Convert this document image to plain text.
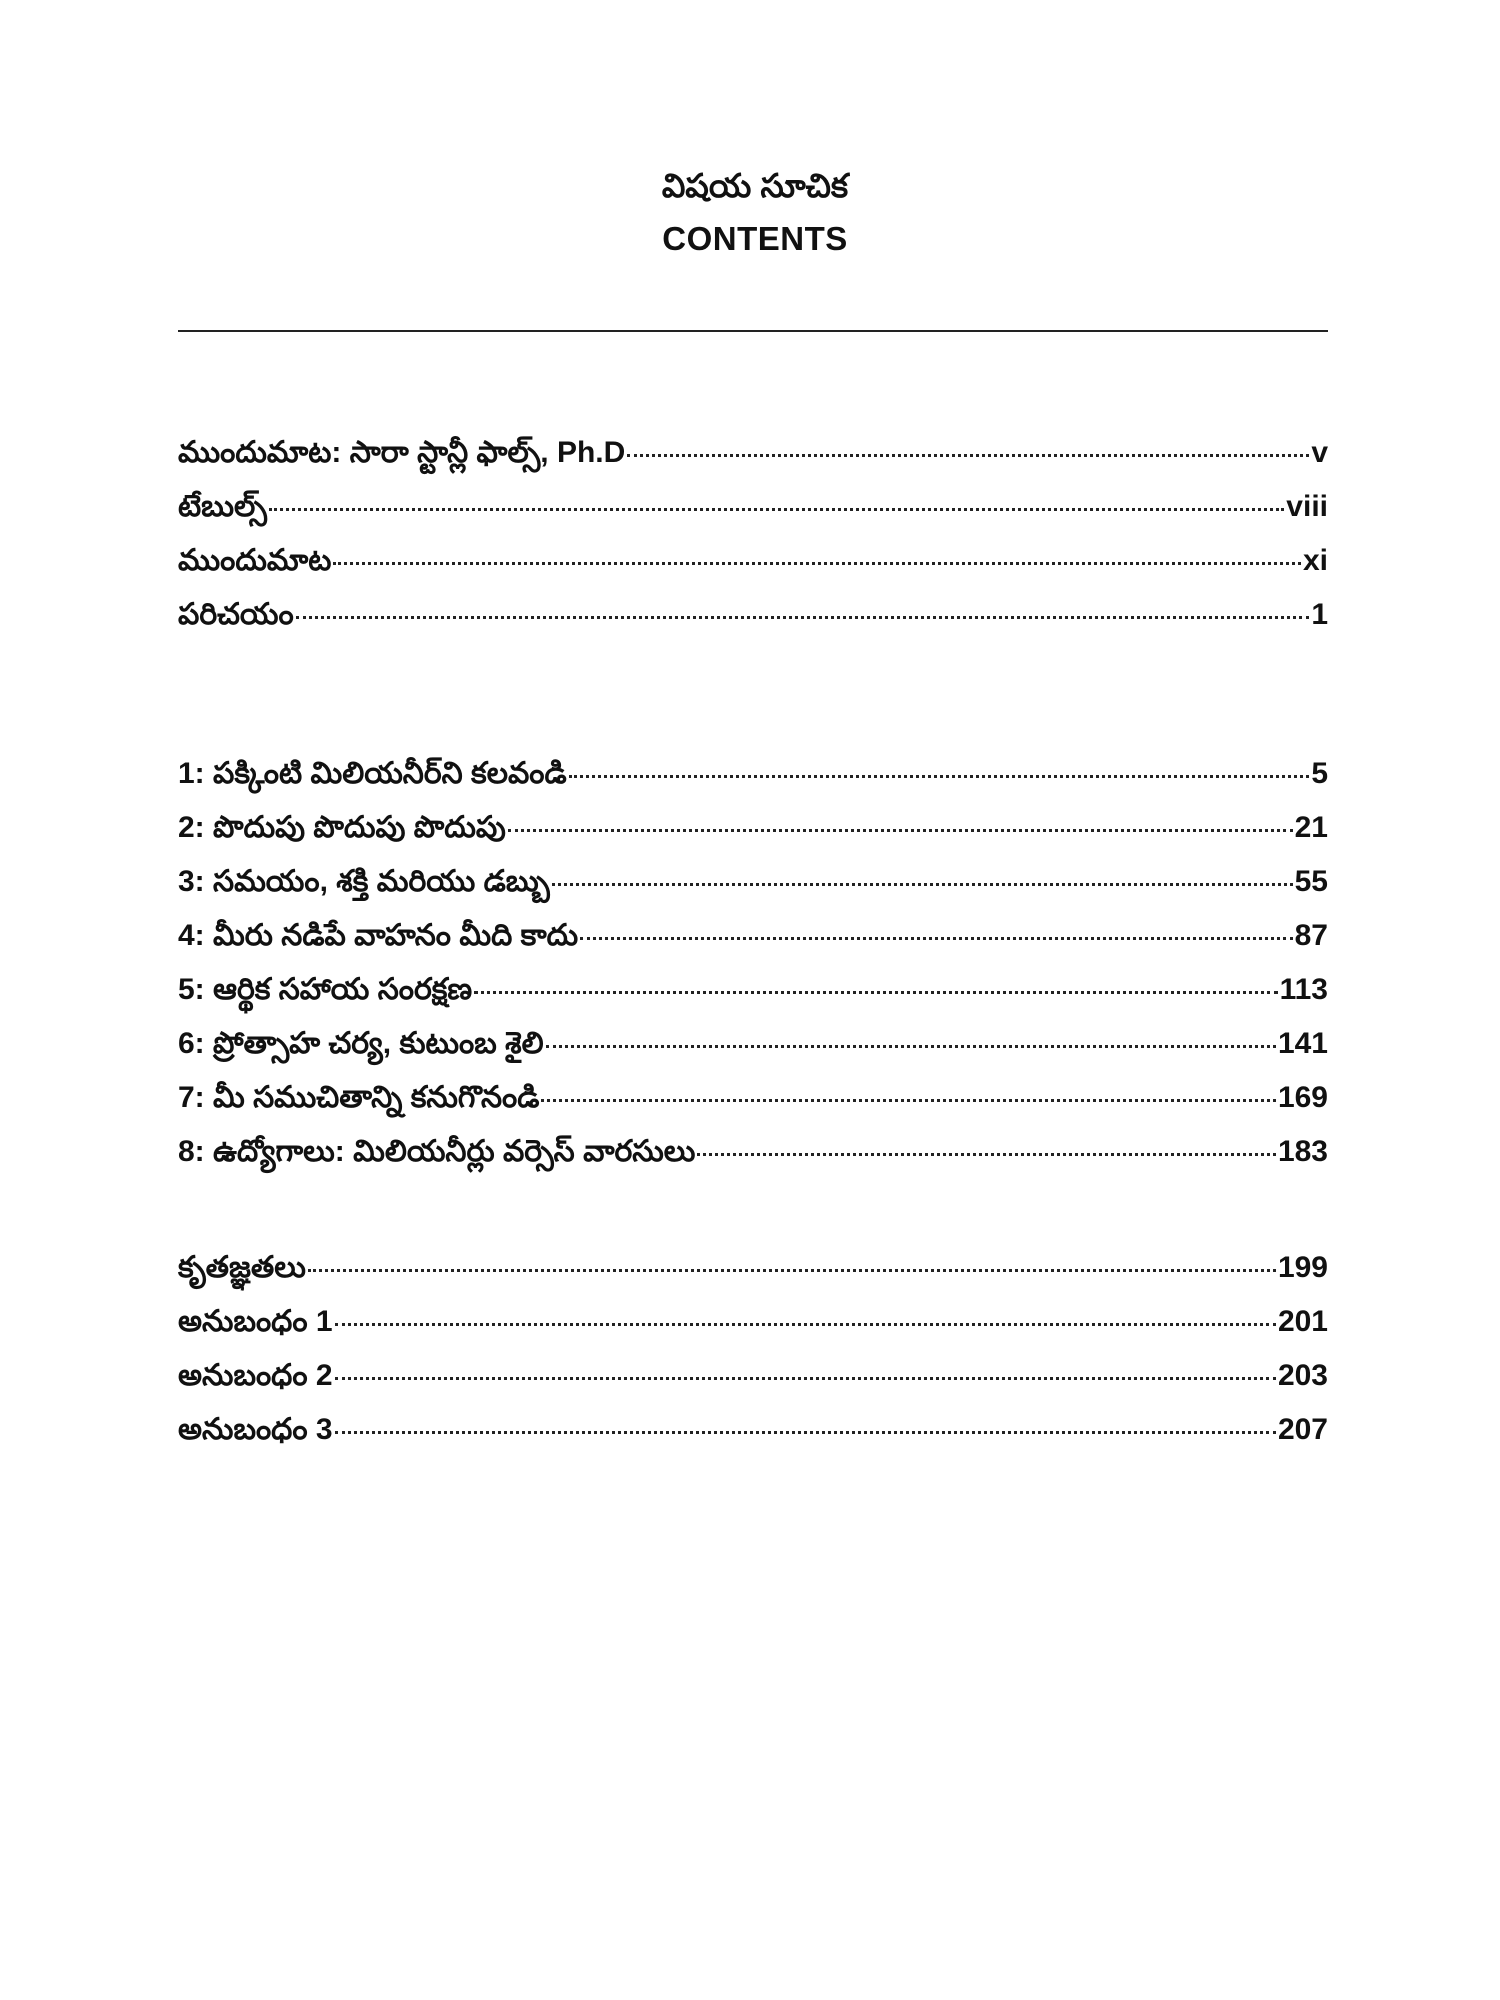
విషయ సూచిక
CONTENTS
ముందుమాట: సారా స్టాన్లీ ఫాల్స్, Ph.D	v
టేబుల్స్	viii
ముందుమాట	xi
పరిచయం	1
1: పక్కింటి మిలియనీర్‌ని కలవండి	5
2: పొదుపు పొదుపు పొదుపు	21
3: సమయం, శక్తి మరియు డబ్బు	55
4: మీరు నడిపే వాహనం మీది కాదు	87
5: ఆర్థిక సహాయ సంరక్షణ	113
6: ప్రోత్సాహ చర్య, కుటుంబ శైలి	141
7: మీ సముచితాన్ని కనుగొనండి	169
8: ఉద్యోగాలు: మిలియనీర్లు వర్సెస్ వారసులు	183
కృతజ్ఞతలు	199
అనుబంధం 1	201
అనుబంధం 2	203
అనుబంధం 3	207
